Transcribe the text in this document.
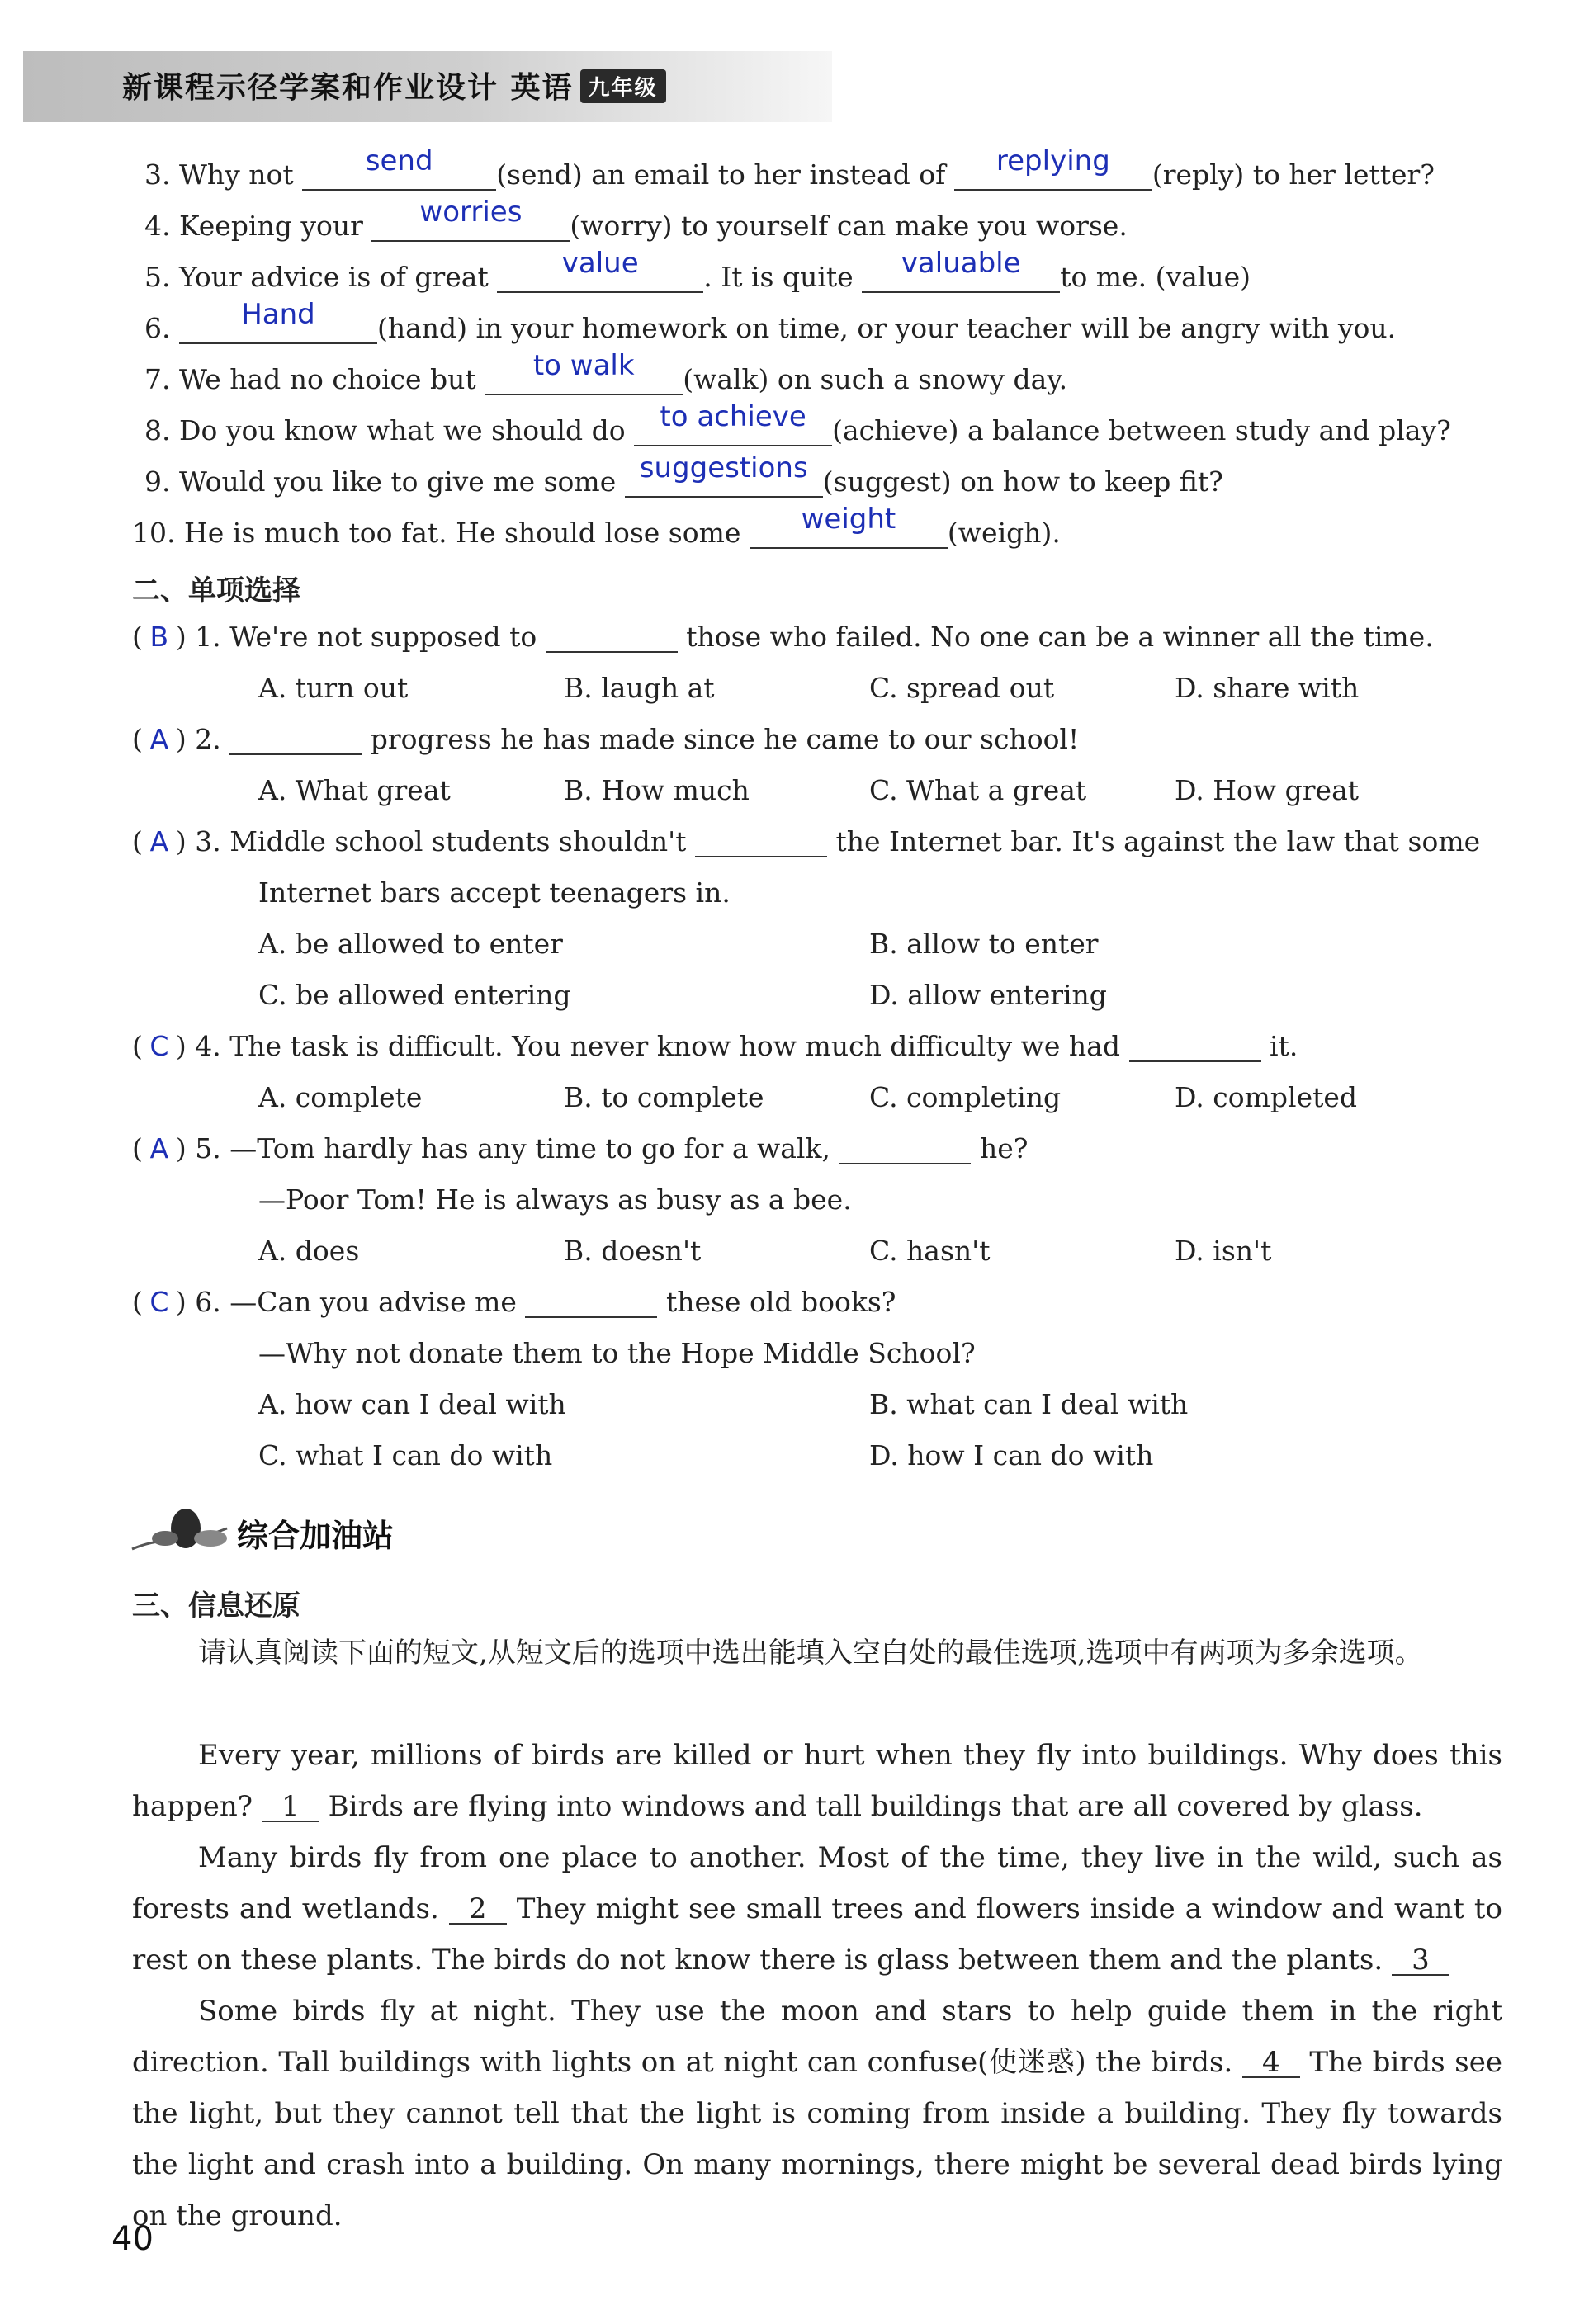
新课程示径学案和作业设计 英语 九年级
3. Why not	send	(send) an email to her instead of	replying	(reply) to her letter?
4. Keeping your	worries	(worry) to yourself can make you worse.
5. Your advice is of great	value	. It is quite	valuable	to me. (value)
6.	Hand	(hand) in your homework on time, or your teacher will be angry with you.
7. We had no choice but	to walk	(walk) on such a snowy day.
8. Do you know what we should do	to achieve (achieve) a balance between study and play?
9. Would you like to give me some suggestions (suggest) on how to keep fit?
10. He is much too fat. He should lose some	weight	(weigh).
二、单项选择
( B ) 1. We're not supposed to	those who failed. No one can be a winner all the time.
A. turn out	B. laugh at	C. spread out	D. share with
( A ) 2.	progress he has made since he came to our school!
A. What great	B. How much	C. What a great	D. How great
( A ) 3. Middle school students shouldn't	the Internet bar. It's against the law that some
Internet bars accept teenagers in.
A. be allowed to enter	B. allow to enter
C. be allowed entering	D. allow entering
( C ) 4. The task is difficult. You never know how much difficulty we had	it.
A. complete	B. to complete	C. completing	D. completed
( A ) 5. —Tom hardly has any time to go for a walk,	he?
—Poor Tom! He is always as busy as a bee.
A. does	B. doesn't	C. hasn't	D. isn't
( C ) 6. —Can you advise me	these old books?
—Why not donate them to the Hope Middle School?
A. how can I deal with	B. what can I deal with
C. what I can do with	D. how I can do with
综合加油站
三、信息还原
请认真阅读下面的短文,从短文后的选项中选出能填入空白处的最佳选项,选项中有两项为多余选项。
Every year, millions of birds are killed or hurt when they fly into buildings. Why does this happen? 1 Birds are flying into windows and tall buildings that are all covered by glass.
Many birds fly from one place to another. Most of the time, they live in the wild, such as forests and wetlands. 2 They might see small trees and flowers inside a window and want to rest on these plants. The birds do not know there is glass between them and the plants. 3
Some birds fly at night. They use the moon and stars to help guide them in the right direction. Tall buildings with lights on at night can confuse(使迷惑) the birds. 4 The birds see the light, but they cannot tell that the light is coming from inside a building. They fly towards the light and crash into a building. On many mornings, there might be several dead birds lying on the ground.
40
